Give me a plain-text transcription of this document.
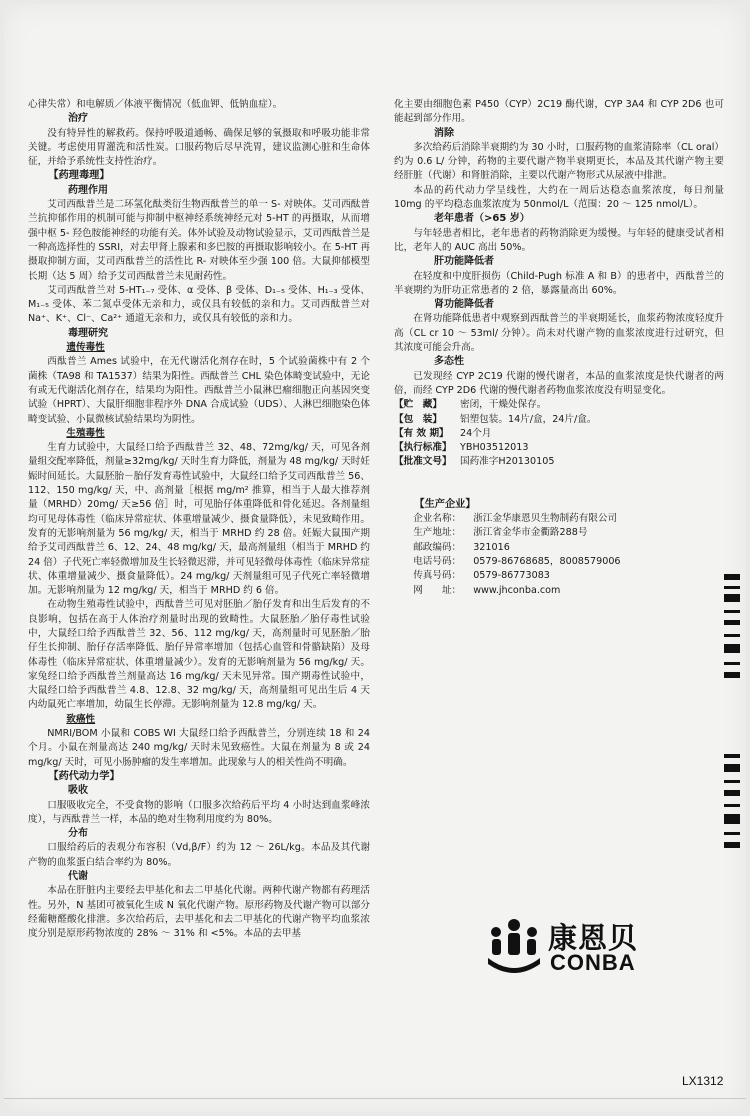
心律失常）和电解质／体液平衡情况（低血钾、低钠血症）。

治疗

没有特异性的解救药。保持呼吸道通畅、确保足够的氧摄取和呼吸功能非常关键。考虑使用胃灌洗和活性炭。口服药物后尽早洗胃，建议监测心脏和生命体征，并给予系统性支持性治疗。

【药理毒理】

药理作用

艾司西酞普兰是二环氢化酞类衍生物西酞普兰的单一 S- 对映体。艾司西酞普兰抗抑郁作用的机制可能与抑制中枢神经系统神经元对 5-HT 的再摄取，从而增强中枢 5- 羟色胺能神经的功能有关。体外试验及动物试验显示，艾司西酞普兰是一种高选择性的 SSRI，对去甲肾上腺素和多巴胺的再摄取影响较小。在 5-HT 再摄取抑制方面，艾司西酞普兰的活性比 R- 对映体至少强 100 倍。大鼠抑郁模型长期（达 5 周）给予艾司西酞普兰未见耐药性。

艾司西酞普兰对 5-HT₁₋₇ 受体、α 受体、β 受体、D₁₋₅ 受体、H₁₋₃ 受体、M₁₋₅ 受体、苯二氮卓受体无亲和力，或仅具有较低的亲和力。艾司西酞普兰对 Na⁺、K⁺、Cl⁻、Ca²⁺ 通道无亲和力，或仅具有较低的亲和力。

毒理研究

遗传毒性

西酞普兰 Ames 试验中，在无代谢活化剂存在时，5 个试验菌株中有 2 个菌株（TA98 和 TA1537）结果为阳性。西酞普兰 CHL 染色体畸变试验中，无论有或无代谢活化剂存在，结果均为阳性。西酞普兰小鼠淋巴瘤细胞正向基因突变试验（HPRT）、大鼠肝细胞非程序外 DNA 合成试验（UDS）、人淋巴细胞染色体畸变试验、小鼠微核试验结果均为阴性。

生殖毒性

生育力试验中，大鼠经口给予西酞普兰 32、48、72mg/kg/ 天，可见各剂量组交配率降低，剂量≥32mg/kg/ 天时生育力降低，剂量为 48 mg/kg/ 天时妊娠时间延长。大鼠胚胎－胎仔发育毒性试验中，大鼠经口给予艾司西酞普兰 56、112、150 mg/kg/ 天，中、高剂量［根据 mg/m² 推算，相当于人最大推荐剂量（MRHD）20mg/ 天≥56 倍］时，可见胎仔体重降低和骨化延迟。各剂量组均可见母体毒性（临床异常症状、体重增量减少、摄食量降低），未见致畸作用。发育的无影响剂量为 56 mg/kg/ 天，相当于 MRHD 约 28 倍。妊娠大鼠围产期给予艾司西酞普兰 6、12、24、48 mg/kg/ 天，最高剂量组（相当于 MRHD 约 24 倍）子代死亡率轻微增加及生长轻微迟滞，并可见轻微母体毒性（临床异常症状、体重增量减少、摄食量降低）。24 mg/kg/ 天剂量组可见子代死亡率轻微增加。无影响剂量为 12 mg/kg/ 天，相当于 MRHD 约 6 倍。

在动物生殖毒性试验中，西酞普兰可见对胚胎／胎仔发育和出生后发育的不良影响，包括在高于人体治疗剂量时出现的致畸性。大鼠胚胎／胎仔毒性试验中，大鼠经口给予西酞普兰 32、56、112 mg/kg/ 天，高剂量时可见胚胎／胎仔生长抑制、胎仔存活率降低、胎仔异常率增加（包括心血管和骨骼缺陷）及母体毒性（临床异常症状、体重增量减少）。发育的无影响剂量为 56 mg/kg/ 天。家兔经口给予西酞普兰剂量高达 16 mg/kg/ 天未见异常。围产期毒性试验中，大鼠经口给予西酞普兰 4.8、12.8、32 mg/kg/ 天，高剂量组可见出生后 4 天内幼鼠死亡率增加，幼鼠生长停滞。无影响剂量为 12.8 mg/kg/ 天。

致癌性

NMRI/BOM 小鼠和 COBS WI 大鼠经口给予西酞普兰，分别连续 18 和 24 个月。小鼠在剂量高达 240 mg/kg/ 天时未见致癌性。大鼠在剂量为 8 或 24 mg/kg/ 天时，可见小肠肿瘤的发生率增加。此现象与人的相关性尚不明确。

【药代动力学】

吸收

口服吸收完全，不受食物的影响（口服多次给药后平均 4 小时达到血浆峰浓度），与西酞普兰一样，本品的绝对生物利用度约为 80%。

分布

口服给药后的表观分布容积（Vd,β/F）约为 12 ～ 26L/kg。本品及其代谢产物的血浆蛋白结合率约为 80%。

代谢

本品在肝脏内主要经去甲基化和去二甲基化代谢。两种代谢产物都有药理活性。另外，N 基团可被氧化生成 N 氧化代谢产物。原形药物及代谢产物可以部分经葡糖醛酸化排泄。多次给药后，去甲基化和去二甲基化的代谢产物平均血浆浓度分别是原形药物浓度的 28% ～ 31% 和 <5%。本品的去甲基

化主要由细胞色素 P450（CYP）2C19 酶代谢，CYP 3A4 和 CYP 2D6 也可能起到部分作用。

消除

多次给药后消除半衰期约为 30 小时，口服药物的血浆清除率（CL oral）约为 0.6 L/ 分钟，药物的主要代谢产物半衰期更长，本品及其代谢产物主要经肝脏（代谢）和肾脏消除，主要以代谢产物形式从尿液中排泄。

本品的药代动力学呈线性，大约在一周后达稳态血浆浓度，每日剂量 10mg 的平均稳态血浆浓度为 50nmol/L（范围：20 ～ 125 nmol/L）。

老年患者（>65 岁）

与年轻患者相比，老年患者的药物消除更为缓慢。与年轻的健康受试者相比，老年人的 AUC 高出 50%。

肝功能降低者

在轻度和中度肝损伤（Child-Pugh 标准 A 和 B）的患者中，西酞普兰的半衰期约为肝功正常患者的 2 倍，暴露量高出 60%。

肾功能降低者

在肾功能降低患者中观察到西酞普兰的半衰期延长，血浆药物浓度轻度升高（CL cr 10 ～ 53ml/ 分钟）。尚未对代谢产物的血浆浓度进行过研究，但其浓度可能会升高。

多态性

已发现经 CYP 2C19 代谢的慢代谢者，本品的血浆浓度是快代谢者的两倍，而经 CYP 2D6 代谢的慢代谢者药物血浆浓度没有明显变化。

【贮　藏】	密闭，干燥处保存。
【包　装】	铝塑包装。14片/盒，24片/盒。
【有 效 期】	24个月
【执行标准】 YBH03512013
【批准文号】 国药准字H20130105

【生产企业】

企业名称：	浙江金华康恩贝生物制药有限公司
生产地址：	浙江省金华市金衢路288号
邮政编码：	321016
电话号码：	0579-86768685，8008579006
传真号码：	0579-86773083
网　　址：	www.jhconba.com
康恩贝
CONBA
LX1312
